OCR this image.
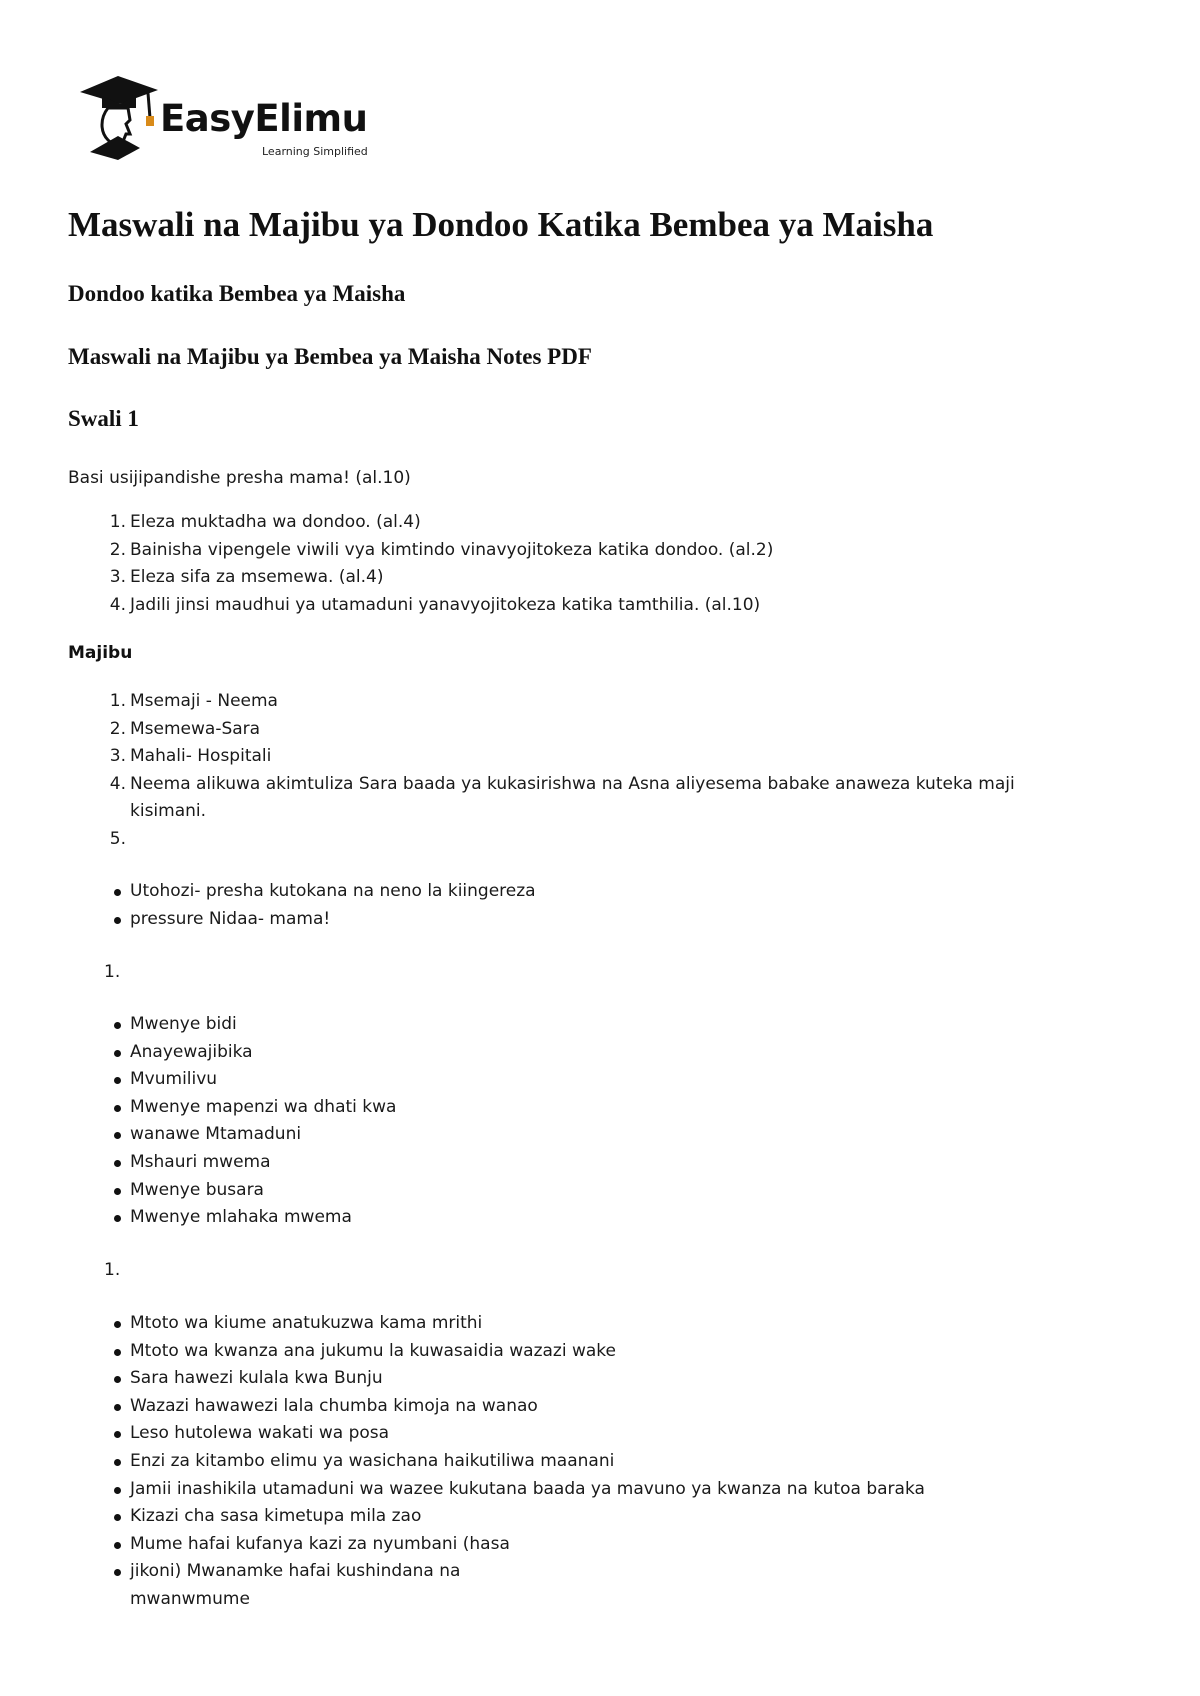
EasyElimu
Learning Simplified
Maswali na Majibu ya Dondoo Katika Bembea ya Maisha
Dondoo katika Bembea ya Maisha
Maswali na Majibu ya Bembea ya Maisha Notes PDF
Swali 1

Basi usijipandishe presha mama! (al.10)

1. Eleza muktadha wa dondoo. (al.4)
2. Bainisha vipengele viwili vya kimtindo vinavyojitokeza katika dondoo. (al.2)
3. Eleza sifa za msemewa. (al.4)
4. Jadili jinsi maudhui ya utamaduni yanavyojitokeza katika tamthilia. (al.10)

Majibu

1. Msemaji - Neema
2. Msemewa-Sara
3. Mahali- Hospitali
4. Neema alikuwa akimtuliza Sara baada ya kukasirishwa na Asna aliyesema babake anaweza kuteka maji kisimani.
5.
Utohozi- presha kutokana na neno la kiingereza
pressure Nidaa- mama!

1.

Mwenye bidi
Anayewajibika
Mvumilivu
Mwenye mapenzi wa dhati kwa
wanawe Mtamaduni
Mshauri mwema
Mwenye busara
Mwenye mlahaka mwema

1.

Mtoto wa kiume anatukuzwa kama mrithi
Mtoto wa kwanza ana jukumu la kuwasaidia wazazi wake
Sara hawezi kulala kwa Bunju
Wazazi hawawezi lala chumba kimoja na wanao
Leso hutolewa wakati wa posa
Enzi za kitambo elimu ya wasichana haikutiliwa maanani
Jamii inashikila utamaduni wa wazee kukutana baada ya mavuno ya kwanza na kutoa baraka
Kizazi cha sasa kimetupa mila zao
Mume hafai kufanya kazi za nyumbani (hasa
jikoni) Mwanamke hafai kushindana na mwanwmume
